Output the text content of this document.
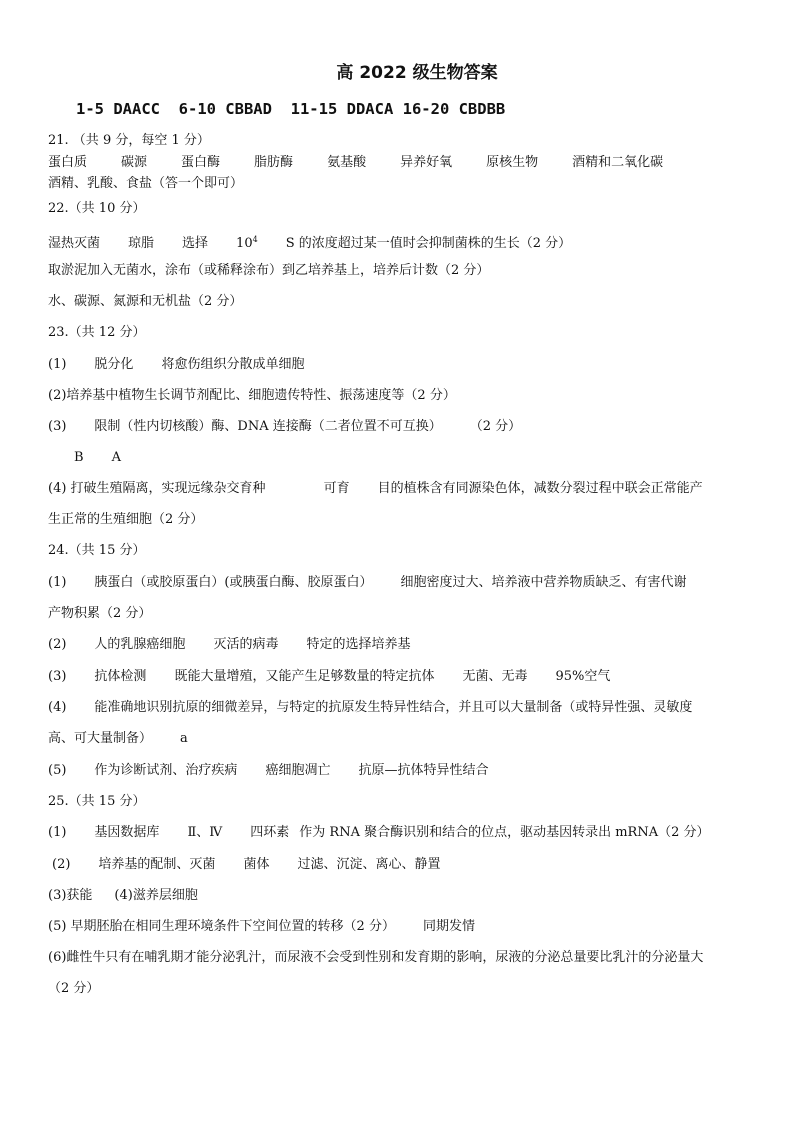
高 2022 级生物答案
1-5 DAACC  6-10 CBBAD  11-15 DDACA 16-20 CBDBB
21. （共 9 分，每空 1 分）
蛋白质	碳源	蛋白酶	脂肪酶	氨基酸	异养好氧	原核生物	酒精和二氧化碳
酒精、乳酸、食盐（答一个即可）
22.（共 10 分）
湿热灭菌 琼脂 选择 $10^4$ S 的浓度超过某一值时会抑制菌株的生长（2 分）
取淤泥加入无菌水，涂布（或稀释涂布）到乙培养基上，培养后计数（2 分）
水、碳源、氮源和无机盐（2 分）
23.（共 12 分）
(1) 脱分化 将愈伤组织分散成单细胞
(2)培养基中植物生长调节剂配比、细胞遗传特性、振荡速度等（2 分）
(3) 限制（性内切核酸）酶、DNA 连接酶（二者位置不可互换） （2 分）
B A
(4) 打破生殖隔离，实现远缘杂交育种	可育 目的植株含有同源染色体，减数分裂过程中联会正常能产
生正常的生殖细胞（2 分）
24.（共 15 分）
(1) 胰蛋白（或胶原蛋白）(或胰蛋白酶、胶原蛋白） 细胞密度过大、培养液中营养物质缺乏、有害代谢
产物积累（2 分）
(2) 人的乳腺癌细胞 灭活的病毒 特定的选择培养基
(3) 抗体检测 既能大量增殖，又能产生足够数量的特定抗体 无菌、无毒 95%空气
(4) 能准确地识别抗原的细微差异，与特定的抗原发生特异性结合，并且可以大量制备（或特异性强、灵敏度
高、可大量制备） a
(5) 作为诊断试剂、治疗疾病 癌细胞凋亡 抗原—抗体特异性结合
25.（共 15 分）
(1) 基因数据库 Ⅱ、Ⅳ 四环素 作为 RNA 聚合酶识别和结合的位点，驱动基因转录出 mRNA（2 分）
(2) 培养基的配制、灭菌 菌体 过滤、沉淀、离心、静置
(3)获能 (4)滋养层细胞
(5) 早期胚胎在相同生理环境条件下空间位置的转移（2 分） 同期发情
(6)雌性牛只有在哺乳期才能分泌乳汁，而尿液不会受到性别和发育期的影响，尿液的分泌总量要比乳汁的分泌量大
（2 分）
